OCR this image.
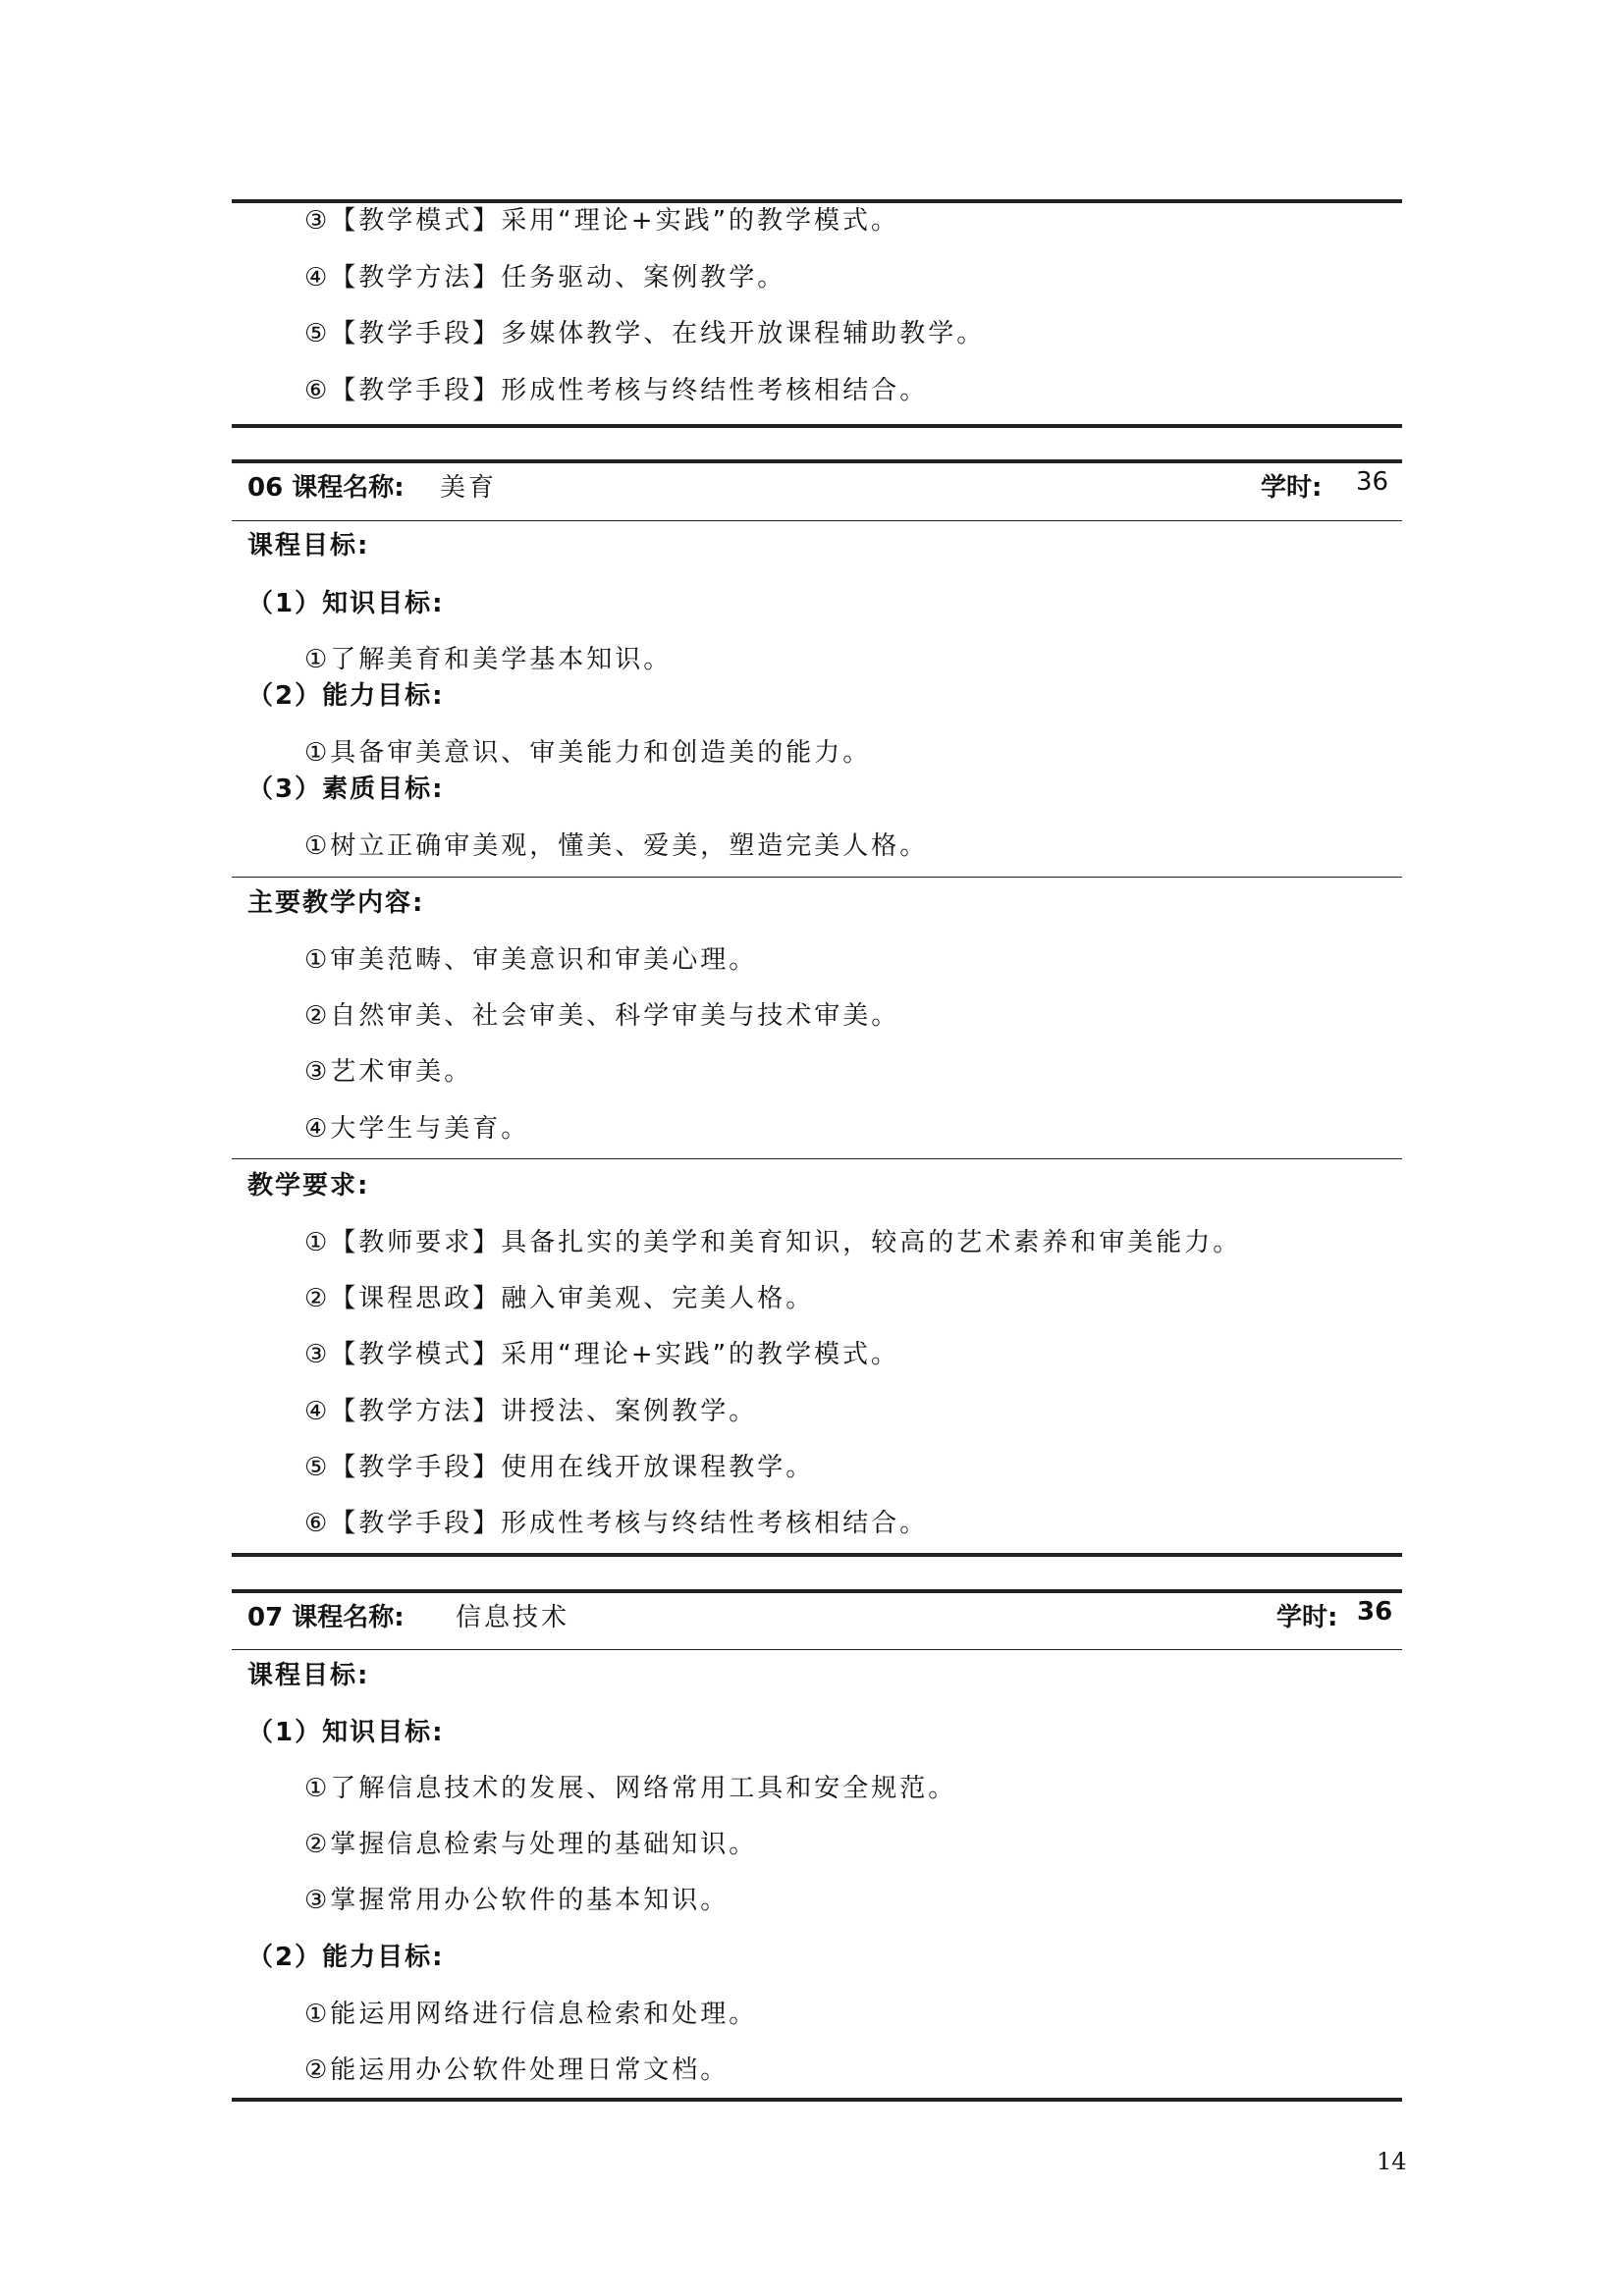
③【教学模式】采用“理论+实践”的教学模式。
④【教学方法】任务驱动、案例教学。
⑤【教学手段】多媒体教学、在线开放课程辅助教学。
⑥【教学手段】形成性考核与终结性考核相结合。
06 课程名称: 美育	学时: 36
课程目标:
（1）知识目标:
①了解美育和美学基本知识。
（2）能力目标:
①具备审美意识、审美能力和创造美的能力。
（3）素质目标:
①树立正确审美观，懂美、爱美，塑造完美人格。
主要教学内容:
①审美范畴、审美意识和审美心理。
②自然审美、社会审美、科学审美与技术审美。
③艺术审美。
④大学生与美育。
教学要求:
①【教师要求】具备扎实的美学和美育知识，较高的艺术素养和审美能力。
②【课程思政】融入审美观、完美人格。
③【教学模式】采用“理论+实践”的教学模式。
④【教学方法】讲授法、案例教学。
⑤【教学手段】使用在线开放课程教学。
⑥【教学手段】形成性考核与终结性考核相结合。
07 课程名称: 信息技术	学时: 36
课程目标:
（1）知识目标:
①了解信息技术的发展、网络常用工具和安全规范。
②掌握信息检索与处理的基础知识。
③掌握常用办公软件的基本知识。
（2）能力目标:
①能运用网络进行信息检索和处理。
②能运用办公软件处理日常文档。
14
